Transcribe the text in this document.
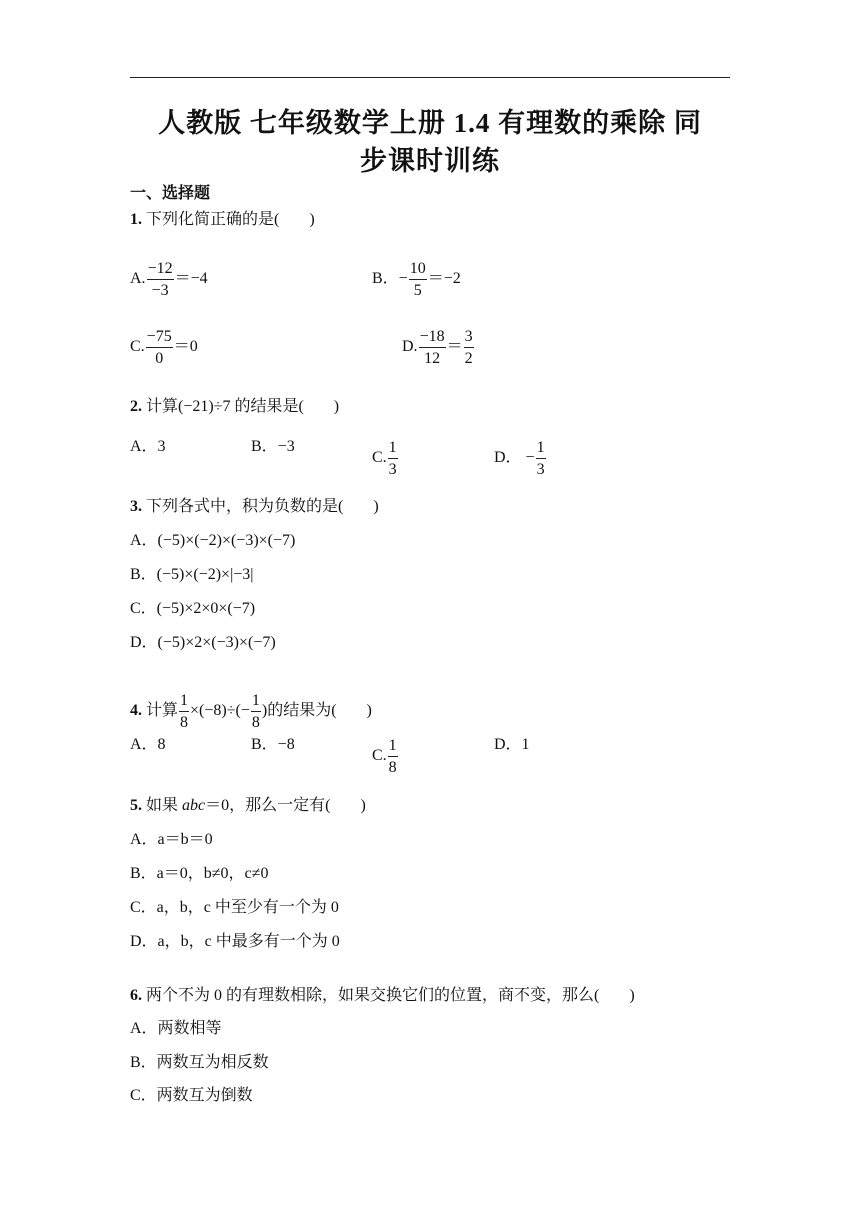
人教版 七年级数学上册 1.4 有理数的乘除 同
步课时训练
一、选择题
1. 下列化简正确的是( )
A. $\frac{-12}{-3} =-4$	B．− $\frac{10}{5} =-2$
C. $\frac{-75}{0} =0$	D. $\frac{-18}{12} = \frac{3}{2}$
2. 计算(−21)÷7 的结果是( )
A．3	B．−3
C. $\frac{1}{3}$	D． − $\frac{1}{3}$
3. 下列各式中，积为负数的是( )
A．(−5)×(−2)×(−3)×(−7)
B．(−5)×(−2)×|−3|
C．(−5)×2×0×(−7)
D．(−5)×2×(−3)×(−7)
4. 计算 $\frac{1}{8} \times(-8)\div(- \frac{1}{8}$ )的结果为( )
A．8	B．−8
C. $\frac{1}{8}$	D．1
5. 如果 abc＝0，那么一定有( )
A．a＝b＝0
B．a＝0，b≠0，c≠0
C．a，b，c 中至少有一个为 0
D．a，b，c 中最多有一个为 0
6. 两个不为 0 的有理数相除，如果交换它们的位置，商不变，那么( )
A．两数相等
B．两数互为相反数
C．两数互为倒数
